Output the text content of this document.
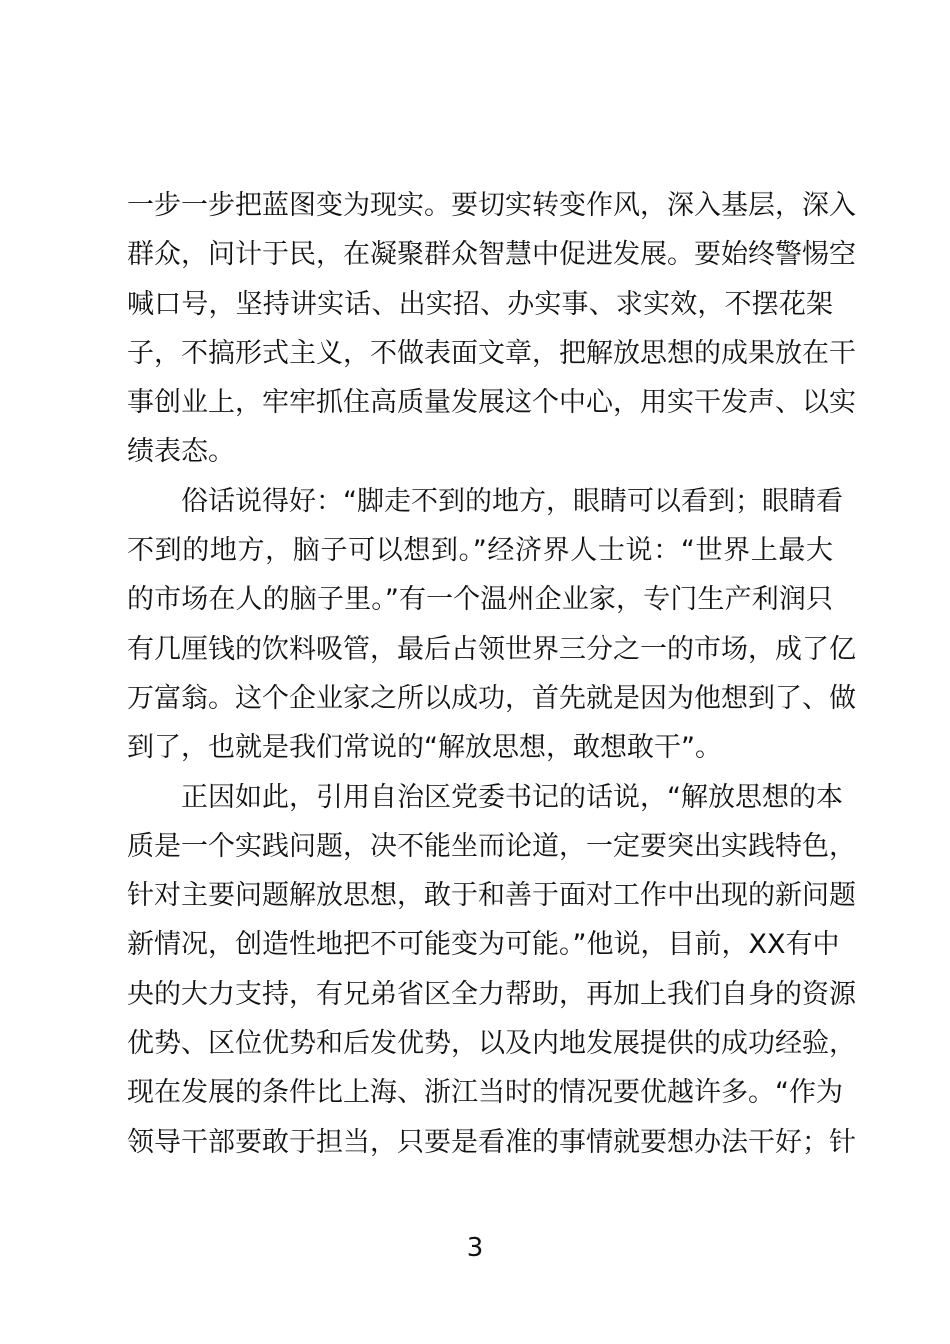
一步一步把蓝图变为现实。要切实转变作风，深入基层，深入
群众，问计于民，在凝聚群众智慧中促进发展。要始终警惕空
喊口号，坚持讲实话、出实招、办实事、求实效，不摆花架
子，不搞形式主义，不做表面文章，把解放思想的成果放在干
事创业上，牢牢抓住高质量发展这个中心，用实干发声、以实
绩表态。
俗话说得好：“脚走不到的地方，眼睛可以看到；眼睛看
不到的地方，脑子可以想到。”经济界人士说：“世界上最大
的市场在人的脑子里。”有一个温州企业家，专门生产利润只
有几厘钱的饮料吸管，最后占领世界三分之一的市场，成了亿
万富翁。这个企业家之所以成功，首先就是因为他想到了、做
到了，也就是我们常说的“解放思想，敢想敢干”。
正因如此，引用自治区党委书记的话说，“解放思想的本
质是一个实践问题，决不能坐而论道，一定要突出实践特色，
针对主要问题解放思想，敢于和善于面对工作中出现的新问题
新情况，创造性地把不可能变为可能。”他说，目前，XX有中
央的大力支持，有兄弟省区全力帮助，再加上我们自身的资源
优势、区位优势和后发优势，以及内地发展提供的成功经验，
现在发展的条件比上海、浙江当时的情况要优越许多。“作为
领导干部要敢于担当，只要是看准的事情就要想办法干好；针
3
